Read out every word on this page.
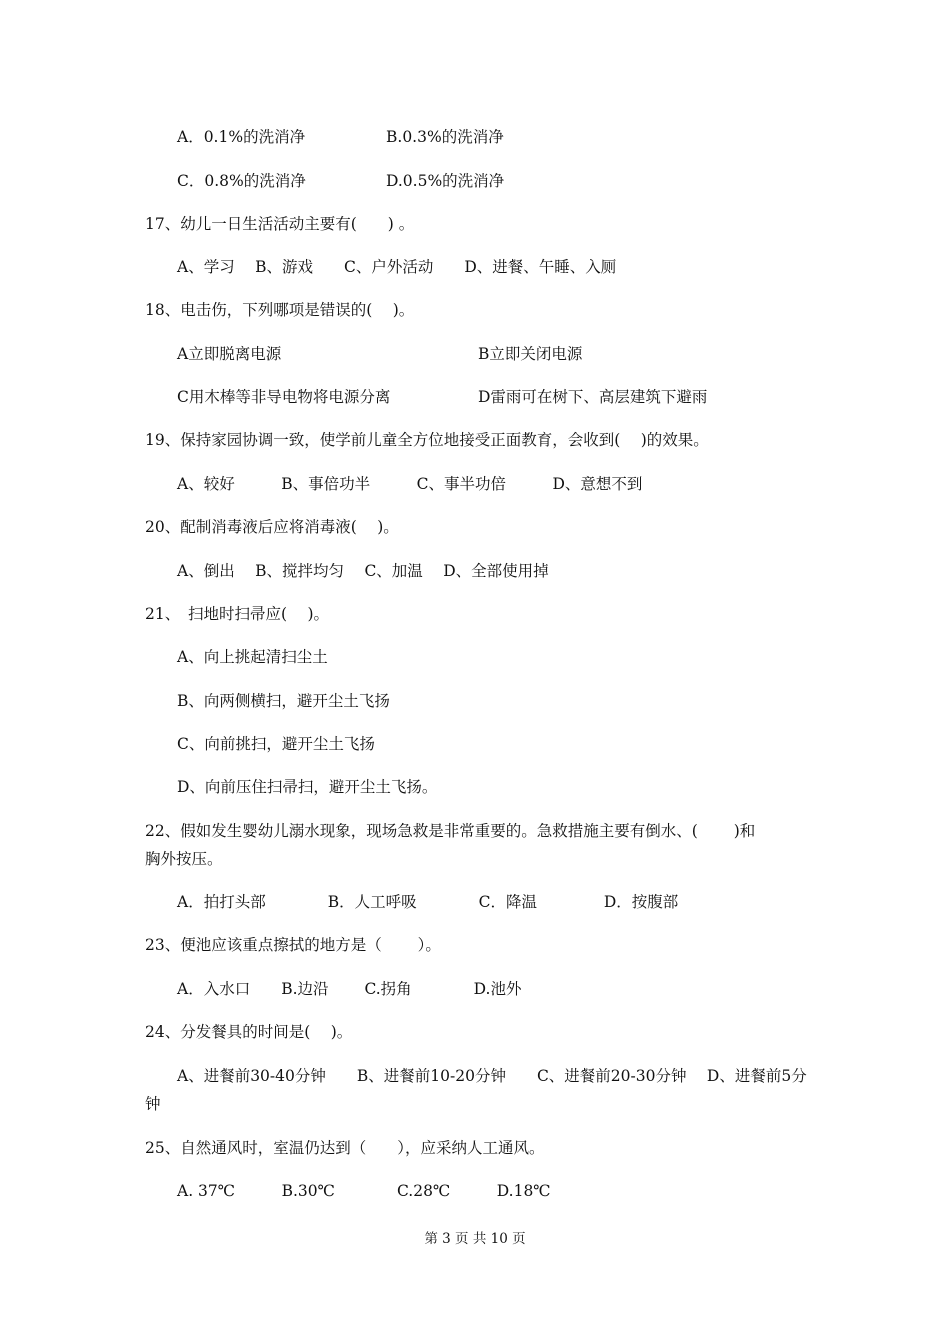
A．0.1%的洗消净	B.0.3%的洗消净
C．0.8%的洗消净	D.0.5%的洗消净
17、幼儿一日生活活动主要有(　　) 。
A、学习　 B、游戏　　C、户外活动　　D、进餐、午睡、入厕
18、电击伤，下列哪项是错误的(　 )。
A立即脱离电源	B立即关闭电源
C用木棒等非导电物将电源分离	D雷雨可在树下、高层建筑下避雨
19、保持家园协调一致，使学前儿童全方位地接受正面教育，会收到(　 )的效果。
A、较好　　　B、事倍功半　　　C、事半功倍　　　D、意想不到
20、配制消毒液后应将消毒液(　 )。
A、倒出　 B、搅拌均匀　 C、加温　 D、全部使用掉
21、　扫地时扫帚应(　 )。
A、向上挑起清扫尘土
B、向两侧横扫，避开尘土飞扬
C、向前挑扫，避开尘土飞扬
D、向前压住扫帚扫，避开尘土飞扬。
22、假如发生婴幼儿溺水现象，现场急救是非常重要的。急救措施主要有倒水、(　　 )和
胸外按压。
A．拍打头部　　　　B．人工呼吸　　　　C．降温　　　　 D．按腹部
23、便池应该重点擦拭的地方是（　　 ）。
A．入水口　　B.边沿　　 C.拐角　　　　D.池外
24、分发餐具的时间是(　 )。
A、进餐前30-40分钟　　B、进餐前10-20分钟　　C、进餐前20-30分钟　 D、进餐前5分
钟
25、自然通风时，室温仍达到（　　），应采纳人工通风。
A. 37℃　　　B.30℃　　　　C.28℃　　　D.18℃
第 3 页 共 10 页
